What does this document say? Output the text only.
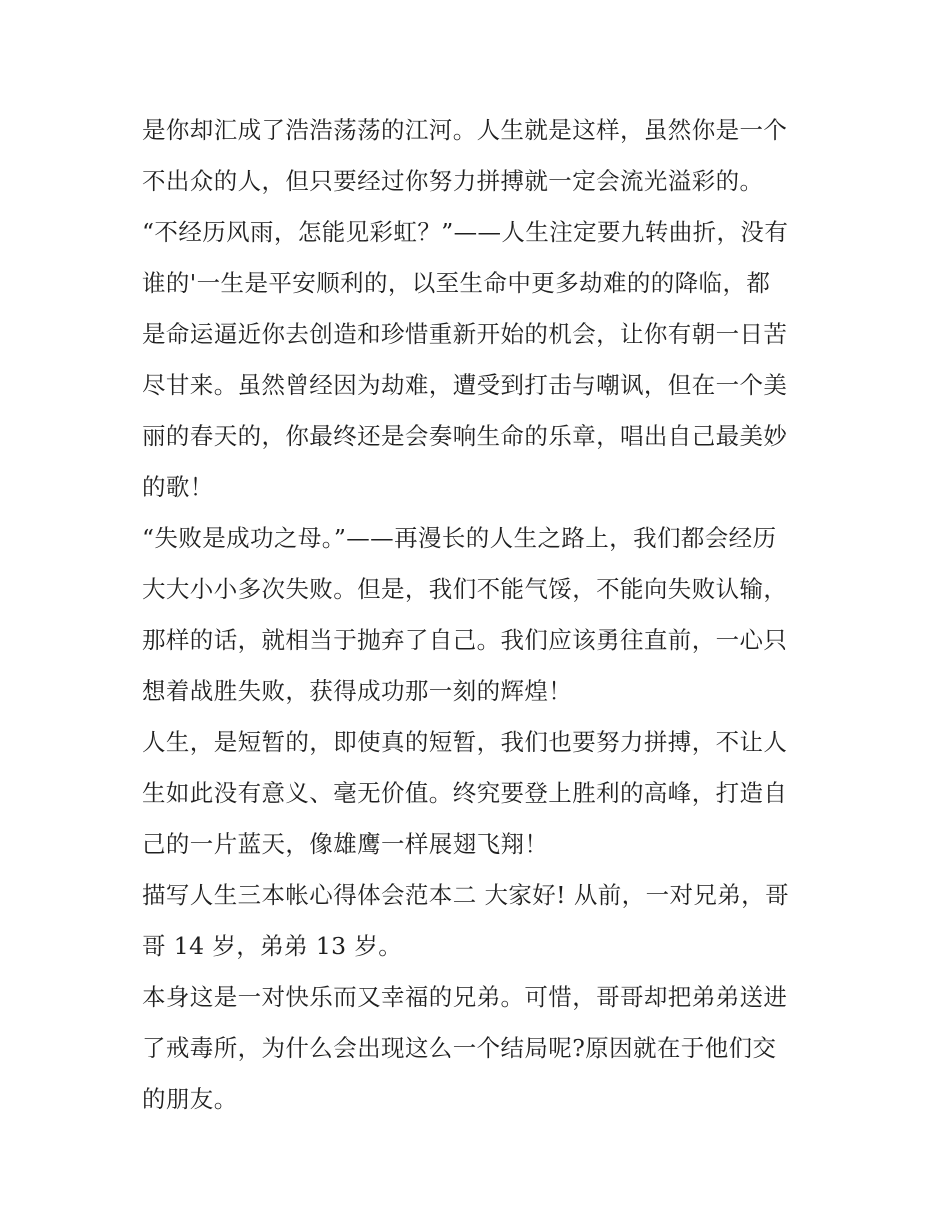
是你却汇成了浩浩荡荡的江河。人生就是这样，虽然你是一个
不出众的人，但只要经过你努力拼搏就一定会流光溢彩的。
“不经历风雨，怎能见彩虹？”——人生注定要九转曲折，没有
谁的'一生是平安顺利的，以至生命中更多劫难的的降临，都
是命运逼近你去创造和珍惜重新开始的机会，让你有朝一日苦
尽甘来。虽然曾经因为劫难，遭受到打击与嘲讽，但在一个美
丽的春天的，你最终还是会奏响生命的乐章，唱出自己最美妙
的歌！
“失败是成功之母。”——再漫长的人生之路上，我们都会经历
大大小小多次失败。但是，我们不能气馁，不能向失败认输，
那样的话，就相当于抛弃了自己。我们应该勇往直前，一心只
想着战胜失败，获得成功那一刻的辉煌！
人生，是短暂的，即使真的短暂，我们也要努力拼搏，不让人
生如此没有意义、毫无价值。终究要登上胜利的高峰，打造自
己的一片蓝天，像雄鹰一样展翅飞翔！
描写人生三本帐心得体会范本二 大家好! 从前，一对兄弟，哥
哥 14 岁，弟弟 13 岁。
本身这是一对快乐而又幸福的兄弟。可惜，哥哥却把弟弟送进
了戒毒所，为什么会出现这么一个结局呢?原因就在于他们交
的朋友。
